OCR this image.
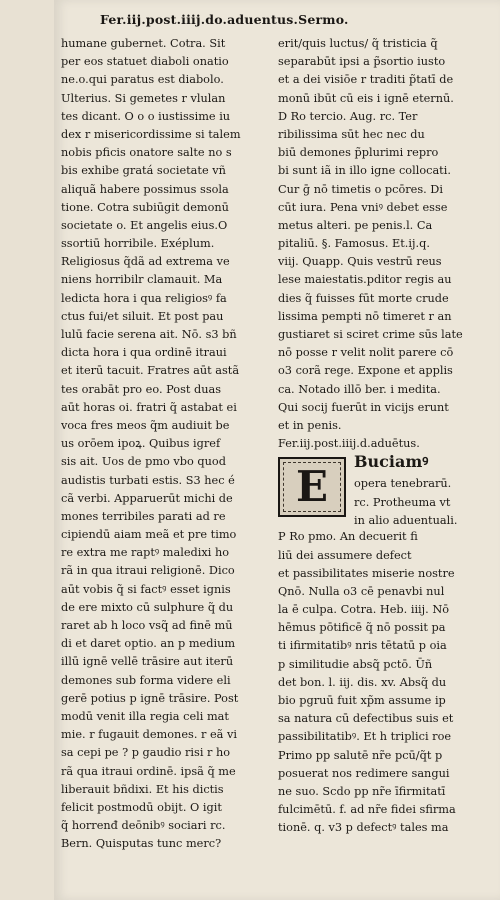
Fer.iij.post.iiij.do.aduentus.Sermo.
humane gubernet. Cotra. Sit
per eos statuet diaboli onatio
ne.o.qui paratus est diabolo.
Ulterius. Si gemetes r vlulan
tes dicant. O o o iustissime iu
dex r misericordissime si talem
nobis pficis onatore salte no s
bis exhibe gratá societate vñ
aliquã habere possimus ssola
tione. Cotra subiūgit demonū
societate o. Et angelis eius.O
ssortiū horribile. Exéplum.
Religiosus q̃dã ad extrema ve
niens horribilr clamauit. Ma
ledicta hora i qua religiosꝰ fa
ctus fui/et siluit. Et post pau
lulū facie serena ait. Nō. s3 bñ
dicta hora i qua ordinē itraui
et iterū tacuit. Fratres aūt astã
tes orabāt pro eo. Post duas
aūt horas oi. fratri q̃ astabat ei
voca fres meos q̃m audiuit be
us orōem ipoꝝ. Quibus igref
sis ait. Uos de pmo vbo quod
audistis turbati estis. S3 hec é
cã verbi. Apparuerūt michi de
mones terribiles parati ad re
cipiendū aiam meã et pre timo
re extra me raptꝰ maledixi ho
rã in qua itraui religionē. Dico
aūt vobis q̃ si factꝰ esset ignis
de ere mixto cū sulphure q̃ du
raret ab h loco vsq̃ ad finē mū
di et daret optio. an p medium
illū ignē vellē trāsire aut iterū
demones sub forma videre eli
gerē potius p ignē trāsire. Post
modū venit illa regia celi mat
mie. r fugauit demones. r eã vi
sa cepi pe ? p gaudio risi r ho
rã qua itraui ordinē. ipsã q̃ me
liberauit bñdixi. Et his dictis
felicit postmodū obijt. O igit
q̃ horrenđ deōnibꝰ sociari rc.
Bern. Quisputas tunc merc?
erit/quis luctus/ q̃ tristicia q̃
separabūt ipsi a p̃sortio iusto
et a dei visiōe r traditi p̃tatī de
monū ibūt cū eis i ignē eternū.
D Ro tercio. Aug. rc. Ter
ribilissima sūt hec nec du
biū demones p̃plurimi repro
bi sunt iã in illo igne collocati.
Cur ḡ nō timetis o pcōres. Di
cūt iura. Pena vniꝰ debet esse
metus alteri. pe penis.l. Ca
pitaliū. §. Famosus. Et.ij.q.
viij. Quapp. Quis vestrū reus
lese maiestatis.pditor regis au
dies q̃ fuisses fūt morte crude
lissima pempti nō timeret r an
gustiaret si sciret crime sūs late
nō posse r velit nolit parere cō
o3 corã rege. Expone et applis
ca. Notado illō ber. i medita.
Qui socij fuerūt in vicijs erunt
et in penis.
Fer.iij.post.iiij.d.aduētus.
E
Buciamꝰ
opera tenebrarū.
rc. Protheuma vt
in alio aduentuali.
P Ro pmo. An decuerit fi
liū dei assumere defect
et passibilitates miserie nostre
Qnō. Nulla o3 cē penavbi nul
la ē culpa. Cotra. Heb. iiij. Nō
hēmus pōtificē q̃ nō possit pa
ti ifirmitatibꝰ nris tētatū p oia
p similitudie absq̃ pctō. Ūñ
det bon. l. iij. dis. xv. Absq̃ du
bio pgruū fuit xp̃m assume ip
sa natura cū defectibus suis et
passibilitatibꝰ. Et h triplici roe
Primo pp salutē nr̃e pcū/q̃t p
posuerat nos redimere sangui
ne suo. Scdo pp nr̃e īfirmitatī
fulcimētū. f. ad nr̃e fidei sfirma
tionē. q. v3 p defectꝰ tales ma
